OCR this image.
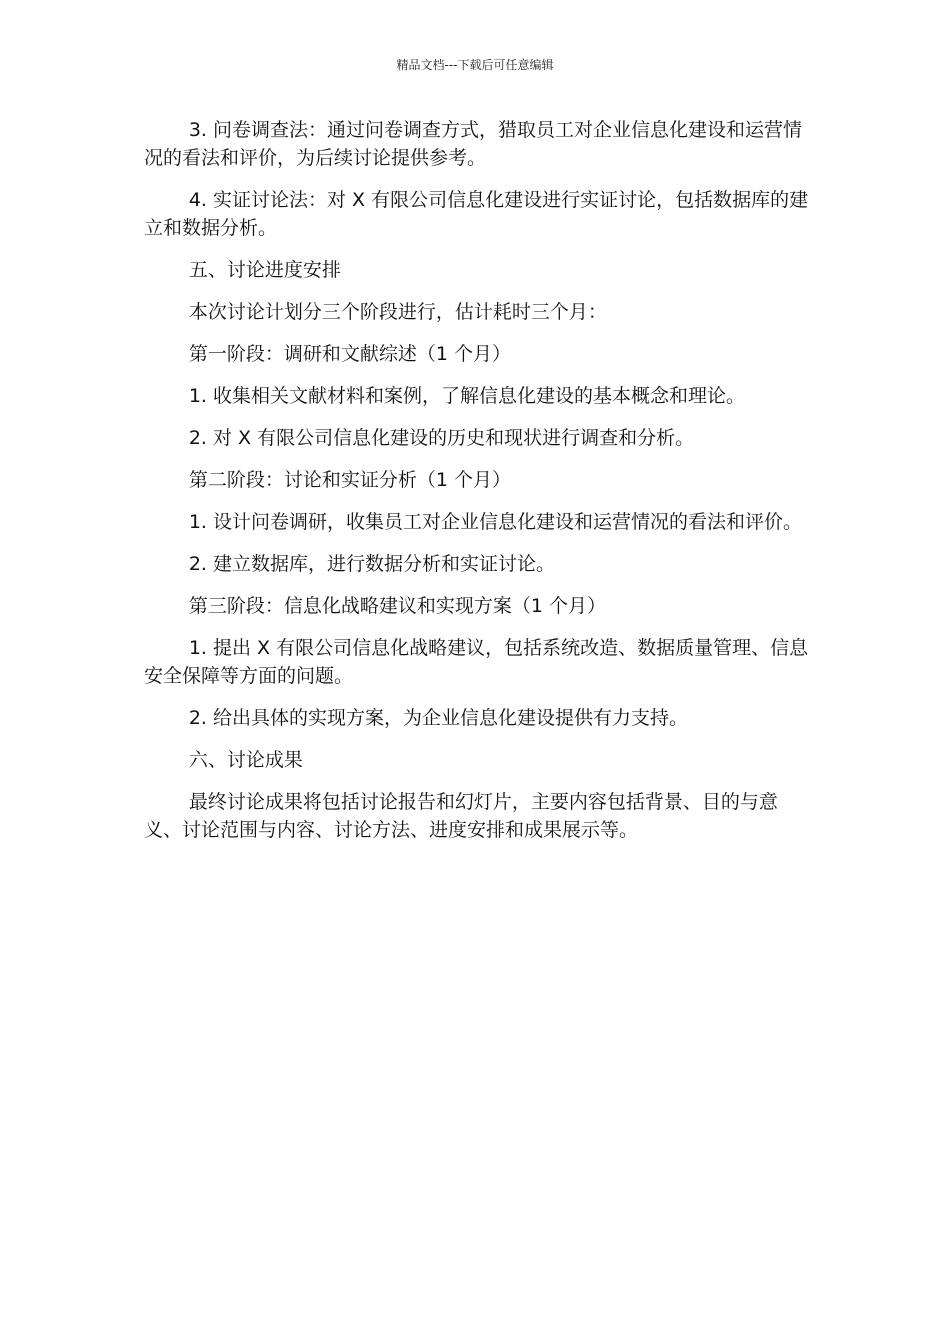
精品文档---下载后可任意编辑

3. 问卷调查法：通过问卷调查方式，猎取员工对企业信息化建设和运营情况的看法和评价，为后续讨论提供参考。

4. 实证讨论法：对 X 有限公司信息化建设进行实证讨论，包括数据库的建立和数据分析。

五、讨论进度安排

本次讨论计划分三个阶段进行，估计耗时三个月：

第一阶段：调研和文献综述（1 个月）

1. 收集相关文献材料和案例，了解信息化建设的基本概念和理论。

2. 对 X 有限公司信息化建设的历史和现状进行调查和分析。

第二阶段：讨论和实证分析（1 个月）

1. 设计问卷调研，收集员工对企业信息化建设和运营情况的看法和评价。

2. 建立数据库，进行数据分析和实证讨论。

第三阶段：信息化战略建议和实现方案（1 个月）

1. 提出 X 有限公司信息化战略建议，包括系统改造、数据质量管理、信息安全保障等方面的问题。

2. 给出具体的实现方案，为企业信息化建设提供有力支持。

六、讨论成果

最终讨论成果将包括讨论报告和幻灯片，主要内容包括背景、目的与意义、讨论范围与内容、讨论方法、进度安排和成果展示等。
